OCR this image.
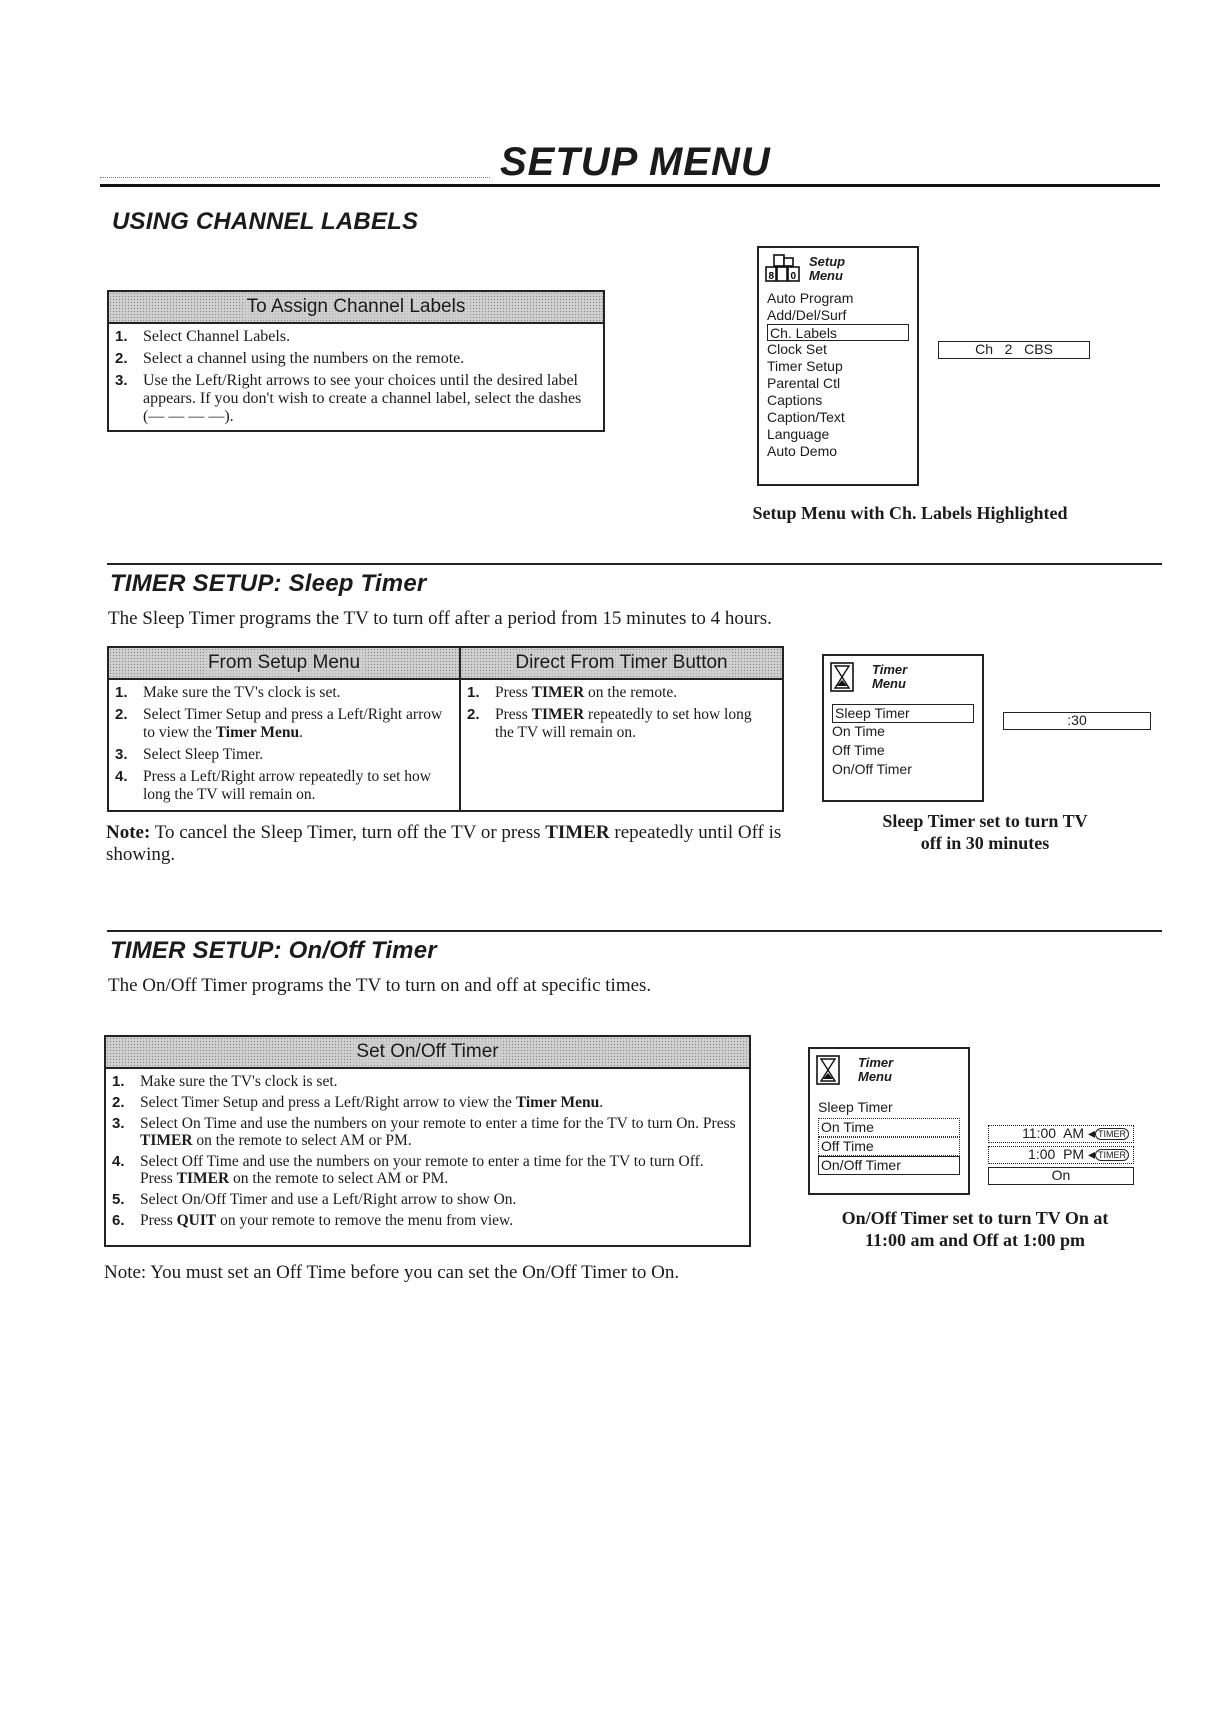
SETUP MENU
USING CHANNEL LABELS
To Assign Channel Labels
1. Select Channel Labels.
2. Select a channel using the numbers on the remote.
3. Use the Left/Right arrows to see your choices until the desired label appears. If you don't wish to create a channel label, select the dashes (— — — —).
8 0
Setup
Menu
Auto Program
Add/Del/Surf
Ch. Labels
Clock Set
Timer Setup
Parental Ctl
Captions
Caption/Text
Language
Auto Demo
Ch   2   CBS
Setup Menu with Ch. Labels Highlighted
TIMER SETUP: Sleep Timer
The Sleep Timer programs the TV to turn off after a period from 15 minutes to 4 hours.
From Setup Menu
1. Make sure the TV's clock is set.
2. Select Timer Setup and press a Left/Right arrow to view the Timer Menu.
3. Select Sleep Timer.
4. Press a Left/Right arrow repeatedly to set how long the TV will remain on.
Direct From Timer Button
1. Press TIMER on the remote.
2. Press TIMER repeatedly to set how long the TV will remain on.
Note: To cancel the Sleep Timer, turn off the TV or press TIMER repeatedly until Off is showing.
Timer
Menu
Sleep Timer
On Time
Off Time
On/Off Timer
:30
Sleep Timer set to turn TV
off in 30 minutes
TIMER SETUP: On/Off Timer
The On/Off Timer programs the TV to turn on and off at specific times.
Set On/Off Timer
1. Make sure the TV's clock is set.
2. Select Timer Setup and press a Left/Right arrow to view the Timer Menu.
3. Select On Time and use the numbers on your remote to enter a time for the TV to turn On. Press TIMER on the remote to select AM or PM.
4. Select Off Time and use the numbers on your remote to enter a time for the TV to turn Off. Press TIMER on the remote to select AM or PM.
5. Select On/Off Timer and use a Left/Right arrow to show On.
6. Press QUIT on your remote to remove the menu from view.
Note: You must set an Off Time before you can set the On/Off Timer to On.
Timer
Menu
Sleep Timer
On Time
Off Time
On/Off Timer
11:00  AM ◂ TIMER
1:00  PM ◂ TIMER
On
On/Off Timer set to turn TV On at
11:00 am and Off at 1:00 pm
